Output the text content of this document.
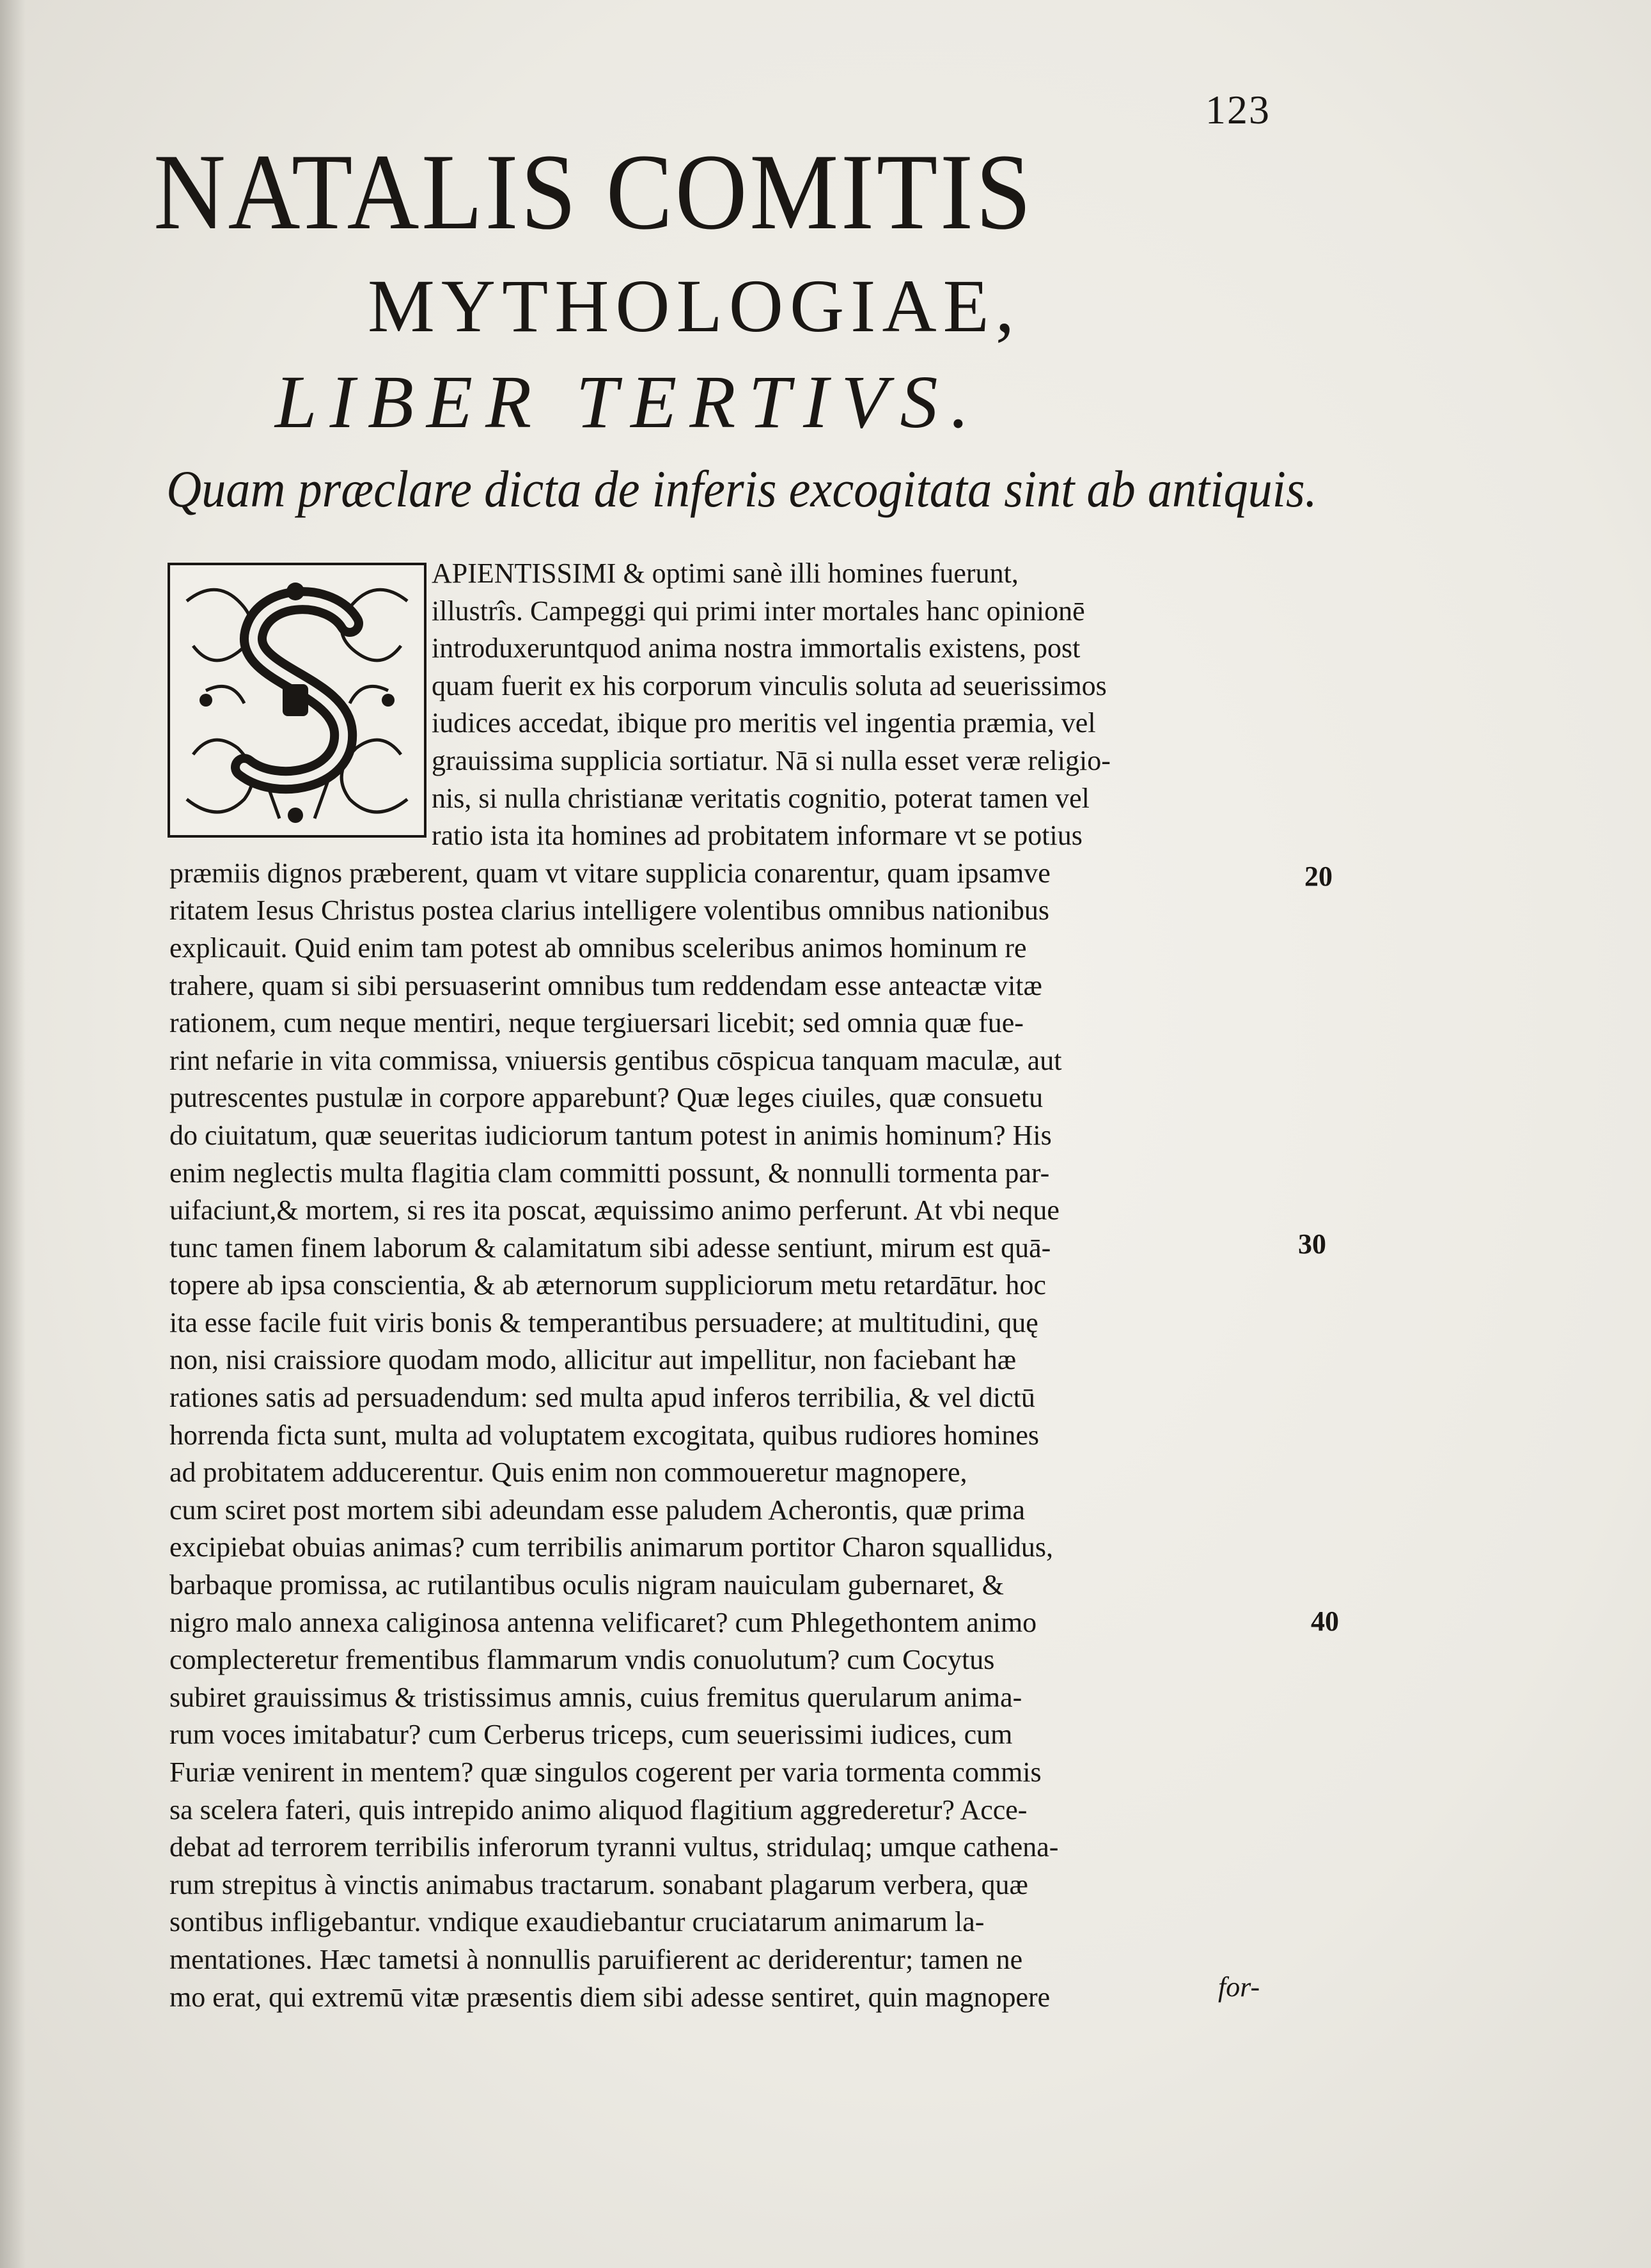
123
NATALIS COMITIS
MYTHOLOGIAE,
LIBER TERTIVS.
Quam præclare dicta de inferis excogitata sint ab antiquis.
APIENTISSIMI & optimi sanè illi homines fuerunt,
illustrîs. Campeggi qui primi inter mortales hanc opinionē
introduxeruntquod anima nostra immortalis existens, post
quam fuerit ex his corporum vinculis soluta ad seuerissimos
iudices accedat, ibique pro meritis vel ingentia præmia, vel
grauissima supplicia sortiatur. Nā si nulla esset veræ religio-
nis, si nulla christianæ veritatis cognitio, poterat tamen vel
ratio ista ita homines ad probitatem informare vt se potius
præmiis dignos præberent, quam vt vitare supplicia conarentur, quam ipsamve
ritatem Iesus Christus postea clarius intelligere volentibus omnibus nationibus
explicauit. Quid enim tam potest ab omnibus sceleribus animos hominum re
trahere, quam si sibi persuaserint omnibus tum reddendam esse anteactæ vitæ
rationem, cum neque mentiri, neque tergiuersari licebit; sed omnia quæ fue-
rint nefarie in vita commissa, vniuersis gentibus cōspicua tanquam maculæ, aut
putrescentes pustulæ in corpore apparebunt? Quæ leges ciuiles, quæ consuetu
do ciuitatum, quæ seueritas iudiciorum tantum potest in animis hominum? His
enim neglectis multa flagitia clam committi possunt, & nonnulli tormenta par-
uifaciunt,& mortem, si res ita poscat, æquissimo animo perferunt. At vbi neque
tunc tamen finem laborum & calamitatum sibi adesse sentiunt, mirum est quā-
topere ab ipsa conscientia, & ab æternorum suppliciorum metu retardātur. hoc
ita esse facile fuit viris bonis & temperantibus persuadere; at multitudini, quę
non, nisi craissiore quodam modo, allicitur aut impellitur, non faciebant hæ
rationes satis ad persuadendum: sed multa apud inferos terribilia, & vel dictū
horrenda ficta sunt, multa ad voluptatem excogitata, quibus rudiores homines
ad probitatem adducerentur. Quis enim non commoueretur magnopere,
cum sciret post mortem sibi adeundam esse paludem Acherontis, quæ prima
excipiebat obuias animas? cum terribilis animarum portitor Charon squallidus,
barbaque promissa, ac rutilantibus oculis nigram nauiculam gubernaret, &
nigro malo annexa caliginosa antenna velificaret? cum Phlegethontem animo
complecteretur frementibus flammarum vndis conuolutum? cum Cocytus
subiret grauissimus & tristissimus amnis, cuius fremitus querularum anima-
rum voces imitabatur? cum Cerberus triceps, cum seuerissimi iudices, cum
Furiæ venirent in mentem? quæ singulos cogerent per varia tormenta commis
sa scelera fateri, quis intrepido animo aliquod flagitium aggrederetur? Acce-
debat ad terrorem terribilis inferorum tyranni vultus, stridulaq; umque cathena-
rum strepitus à vinctis animabus tractarum. sonabant plagarum verbera, quæ
sontibus infligebantur. vndique exaudiebantur cruciatarum animarum la-
mentationes. Hæc tametsi à nonnullis paruifierent ac deriderentur; tamen ne
mo erat, qui extremū vitæ præsentis diem sibi adesse sentiret, quin magnopere
20
30
40
for-
